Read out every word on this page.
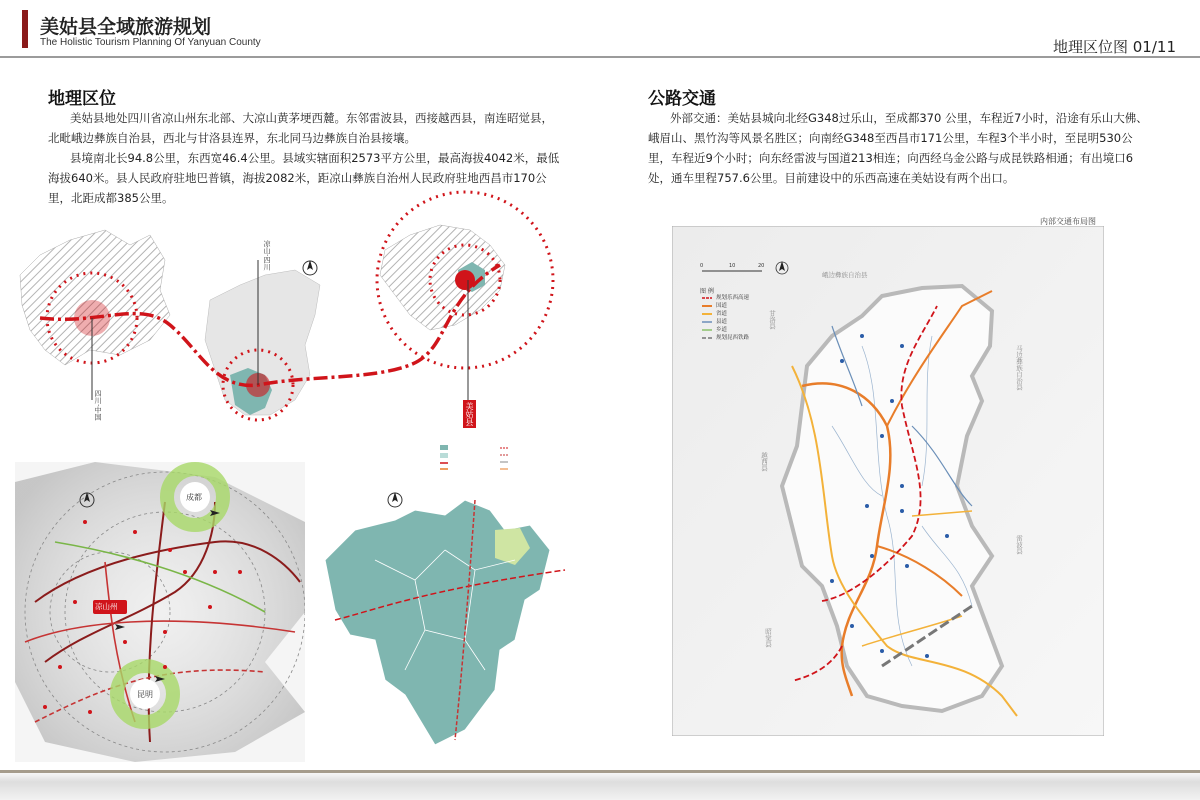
美姑县全域旅游规划
The Holistic Tourism Planning Of Yanyuan County	地理区位图 01/11
地理区位

美姑县地处四川省凉山州东北部、大凉山黄茅埂西麓。东邻雷波县，西接越西县，南连昭觉县，北毗峨边彝族自治县，西北与甘洛县连界，东北同马边彝族自治县接壤。

县境南北长94.8公里，东西宽46.4公里。县域实辖面积2573平方公里，最高海拔4042米，最低海拔640米。县人民政府驻地巴普镇，海拔2082米，距凉山彝族自治州人民政府驻地西昌市170公里，北距成都385公里。

四川·中国
凉山·四川
美姑县
成都
凉山州
昆明
公路交通

外部交通：美姑县城向北经G348过乐山，至成都370 公里，车程近7小时，沿途有乐山大佛、峨眉山、黑竹沟等风景名胜区；向南经G348至西昌市171公里，车程3个半小时，至昆明530公里，车程近9个小时；向东经雷波与国道213相连；向西经乌金公路与成昆铁路相通；有出境口6处，通车里程757.6公里。目前建设中的乐西高速在美姑设有两个出口。

内部交通布局图
0	10	20
图 例
规划乐西高速
国道
省道
县道
乡道
规划昆西铁路
峨边彝族自治县
马边彝族自治县
甘洛县
越西县
雷波县
昭觉县
